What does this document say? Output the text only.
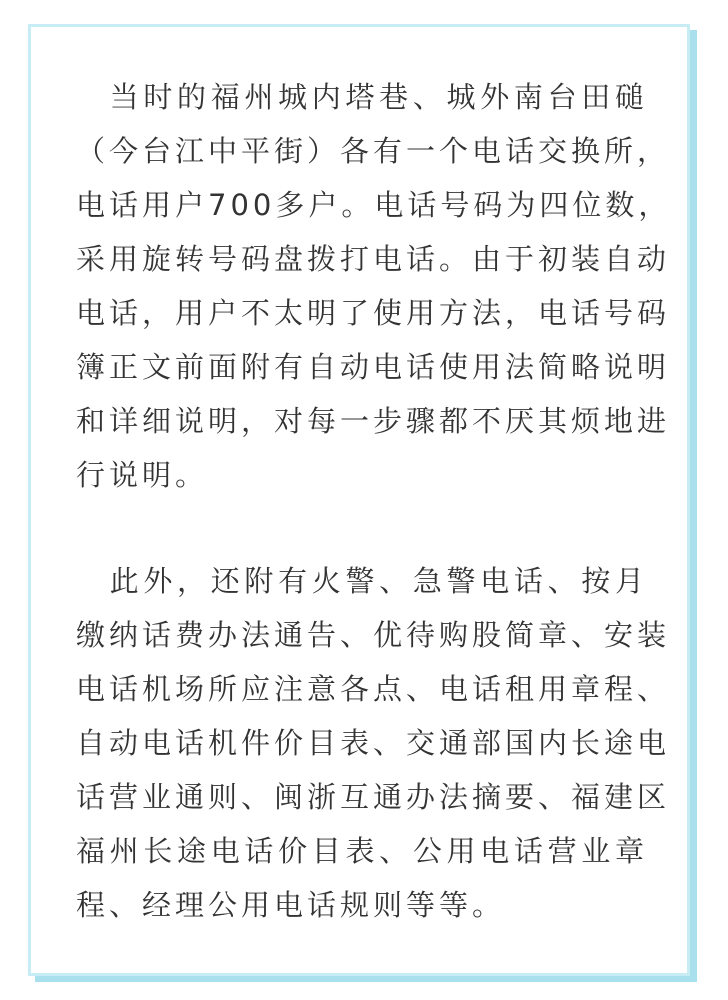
　当时的福州城内塔巷、城外南台田磓
（今台江中平街）各有一个电话交换所，
电话用户700多户。电话号码为四位数，
采用旋转号码盘拨打电话。由于初装自动
电话，用户不太明了使用方法，电话号码
簿正文前面附有自动电话使用法简略说明
和详细说明，对每一步骤都不厌其烦地进
行说明。
　此外，还附有火警、急警电话、按月
缴纳话费办法通告、优待购股简章、安装
电话机场所应注意各点、电话租用章程、
自动电话机件价目表、交通部国内长途电
话营业通则、闽浙互通办法摘要、福建区
福州长途电话价目表、公用电话营业章
程、经理公用电话规则等等。
